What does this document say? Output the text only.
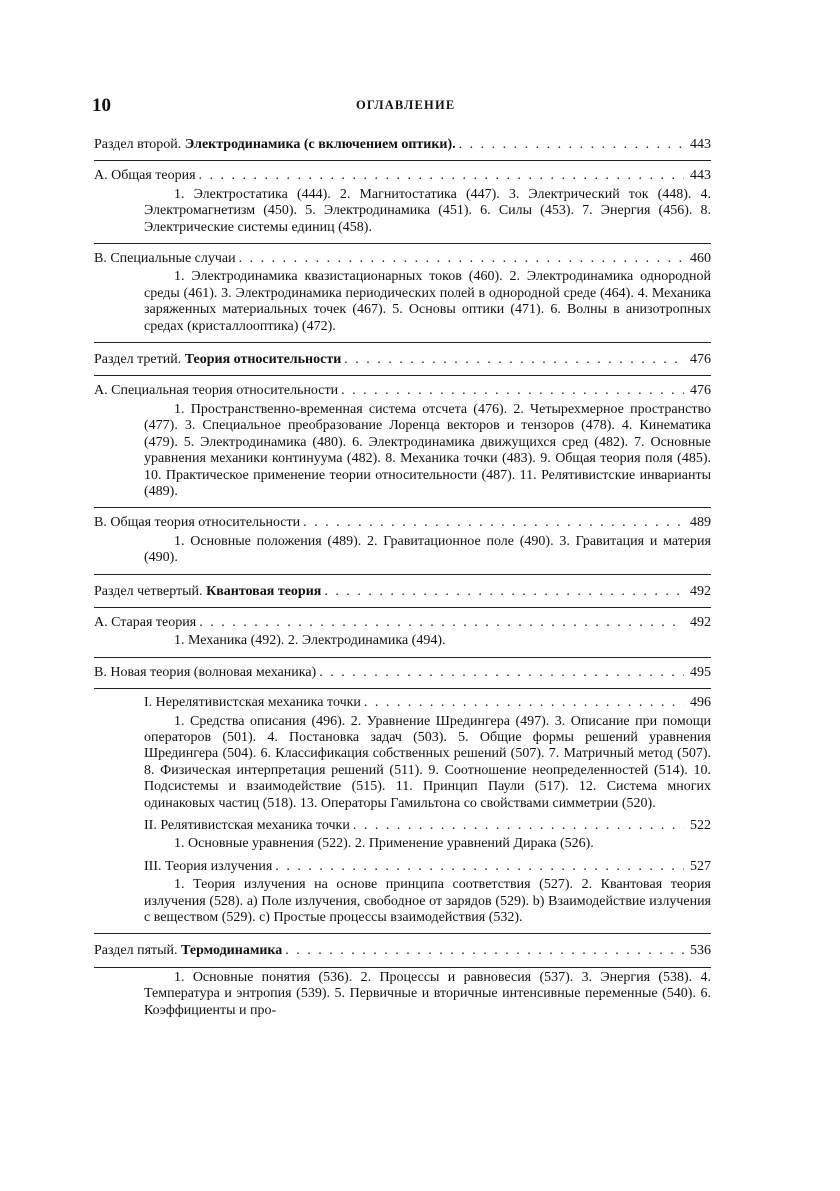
10	ОГЛАВЛЕНИЕ
Раздел второй. Электродинамика (с включением оптики). . . .	443
А. Общая теория . . .	443
1. Электростатика (444). 2. Магнитостатика (447). 3. Электрический ток (448). 4. Электромагнетизм (450). 5. Электродинамика (451). 6. Силы (453). 7. Энергия (456). 8. Электрические системы единиц (458).
В. Специальные случаи . . .	460
1. Электродинамика квазистационарных токов (460). 2. Электродинамика однородной среды (461). 3. Электродинамика периодических полей в однородной среде (464). 4. Механика заряженных материальных точек (467). 5. Основы оптики (471). 6. Волны в анизотропных средах (кристаллооптика) (472).
Раздел третий. Теория относительности . . .	476
А. Специальная теория относительности . . .	476
1. Пространственно-временная система отсчета (476). 2. Четырехмерное пространство (477). 3. Специальное преобразование Лоренца векторов и тензоров (478). 4. Кинематика (479). 5. Электродинамика (480). 6. Электродинамика движущихся сред (482). 7. Основные уравнения механики континуума (482). 8. Механика точки (483). 9. Общая теория поля (485). 10. Практическое применение теории относительности (487). 11. Релятивистские инварианты (489).
В. Общая теория относительности . . .	489
1. Основные положения (489). 2. Гравитационное поле (490). 3. Гравитация и материя (490).
Раздел четвертый. Квантовая теория . . .	492
А. Старая теория . . .	492
1. Механика (492). 2. Электродинамика (494).
В. Новая теория (волновая механика) . . .	495
I. Нерелятивистская механика точки . . .	496
1. Средства описания (496). 2. Уравнение Шредингера (497). 3. Описание при помощи операторов (501). 4. Постановка задач (503). 5. Общие формы решений уравнения Шредингера (504). 6. Классификация собственных решений (507). 7. Матричный метод (507). 8. Физическая интерпретация решений (511). 9. Соотношение неопределенностей (514). 10. Подсистемы и взаимодействие (515). 11. Принцип Паули (517). 12. Система многих одинаковых частиц (518). 13. Операторы Гамильтона со свойствами симметрии (520).
II. Релятивистская механика точки . . .	522
1. Основные уравнения (522). 2. Применение уравнений Дирака (526).
III. Теория излучения . . .	527
1. Теория излучения на основе принципа соответствия (527). 2. Квантовая теория излучения (528). a) Поле излучения, свободное от зарядов (529). b) Взаимодействие излучения с веществом (529). c) Простые процессы взаимодействия (532).
Раздел пятый. Термодинамика . . .	536
1. Основные понятия (536). 2. Процессы и равновесия (537). 3. Энергия (538). 4. Температура и энтропия (539). 5. Первичные и вторичные интенсивные переменные (540). 6. Коэффициенты и про-
